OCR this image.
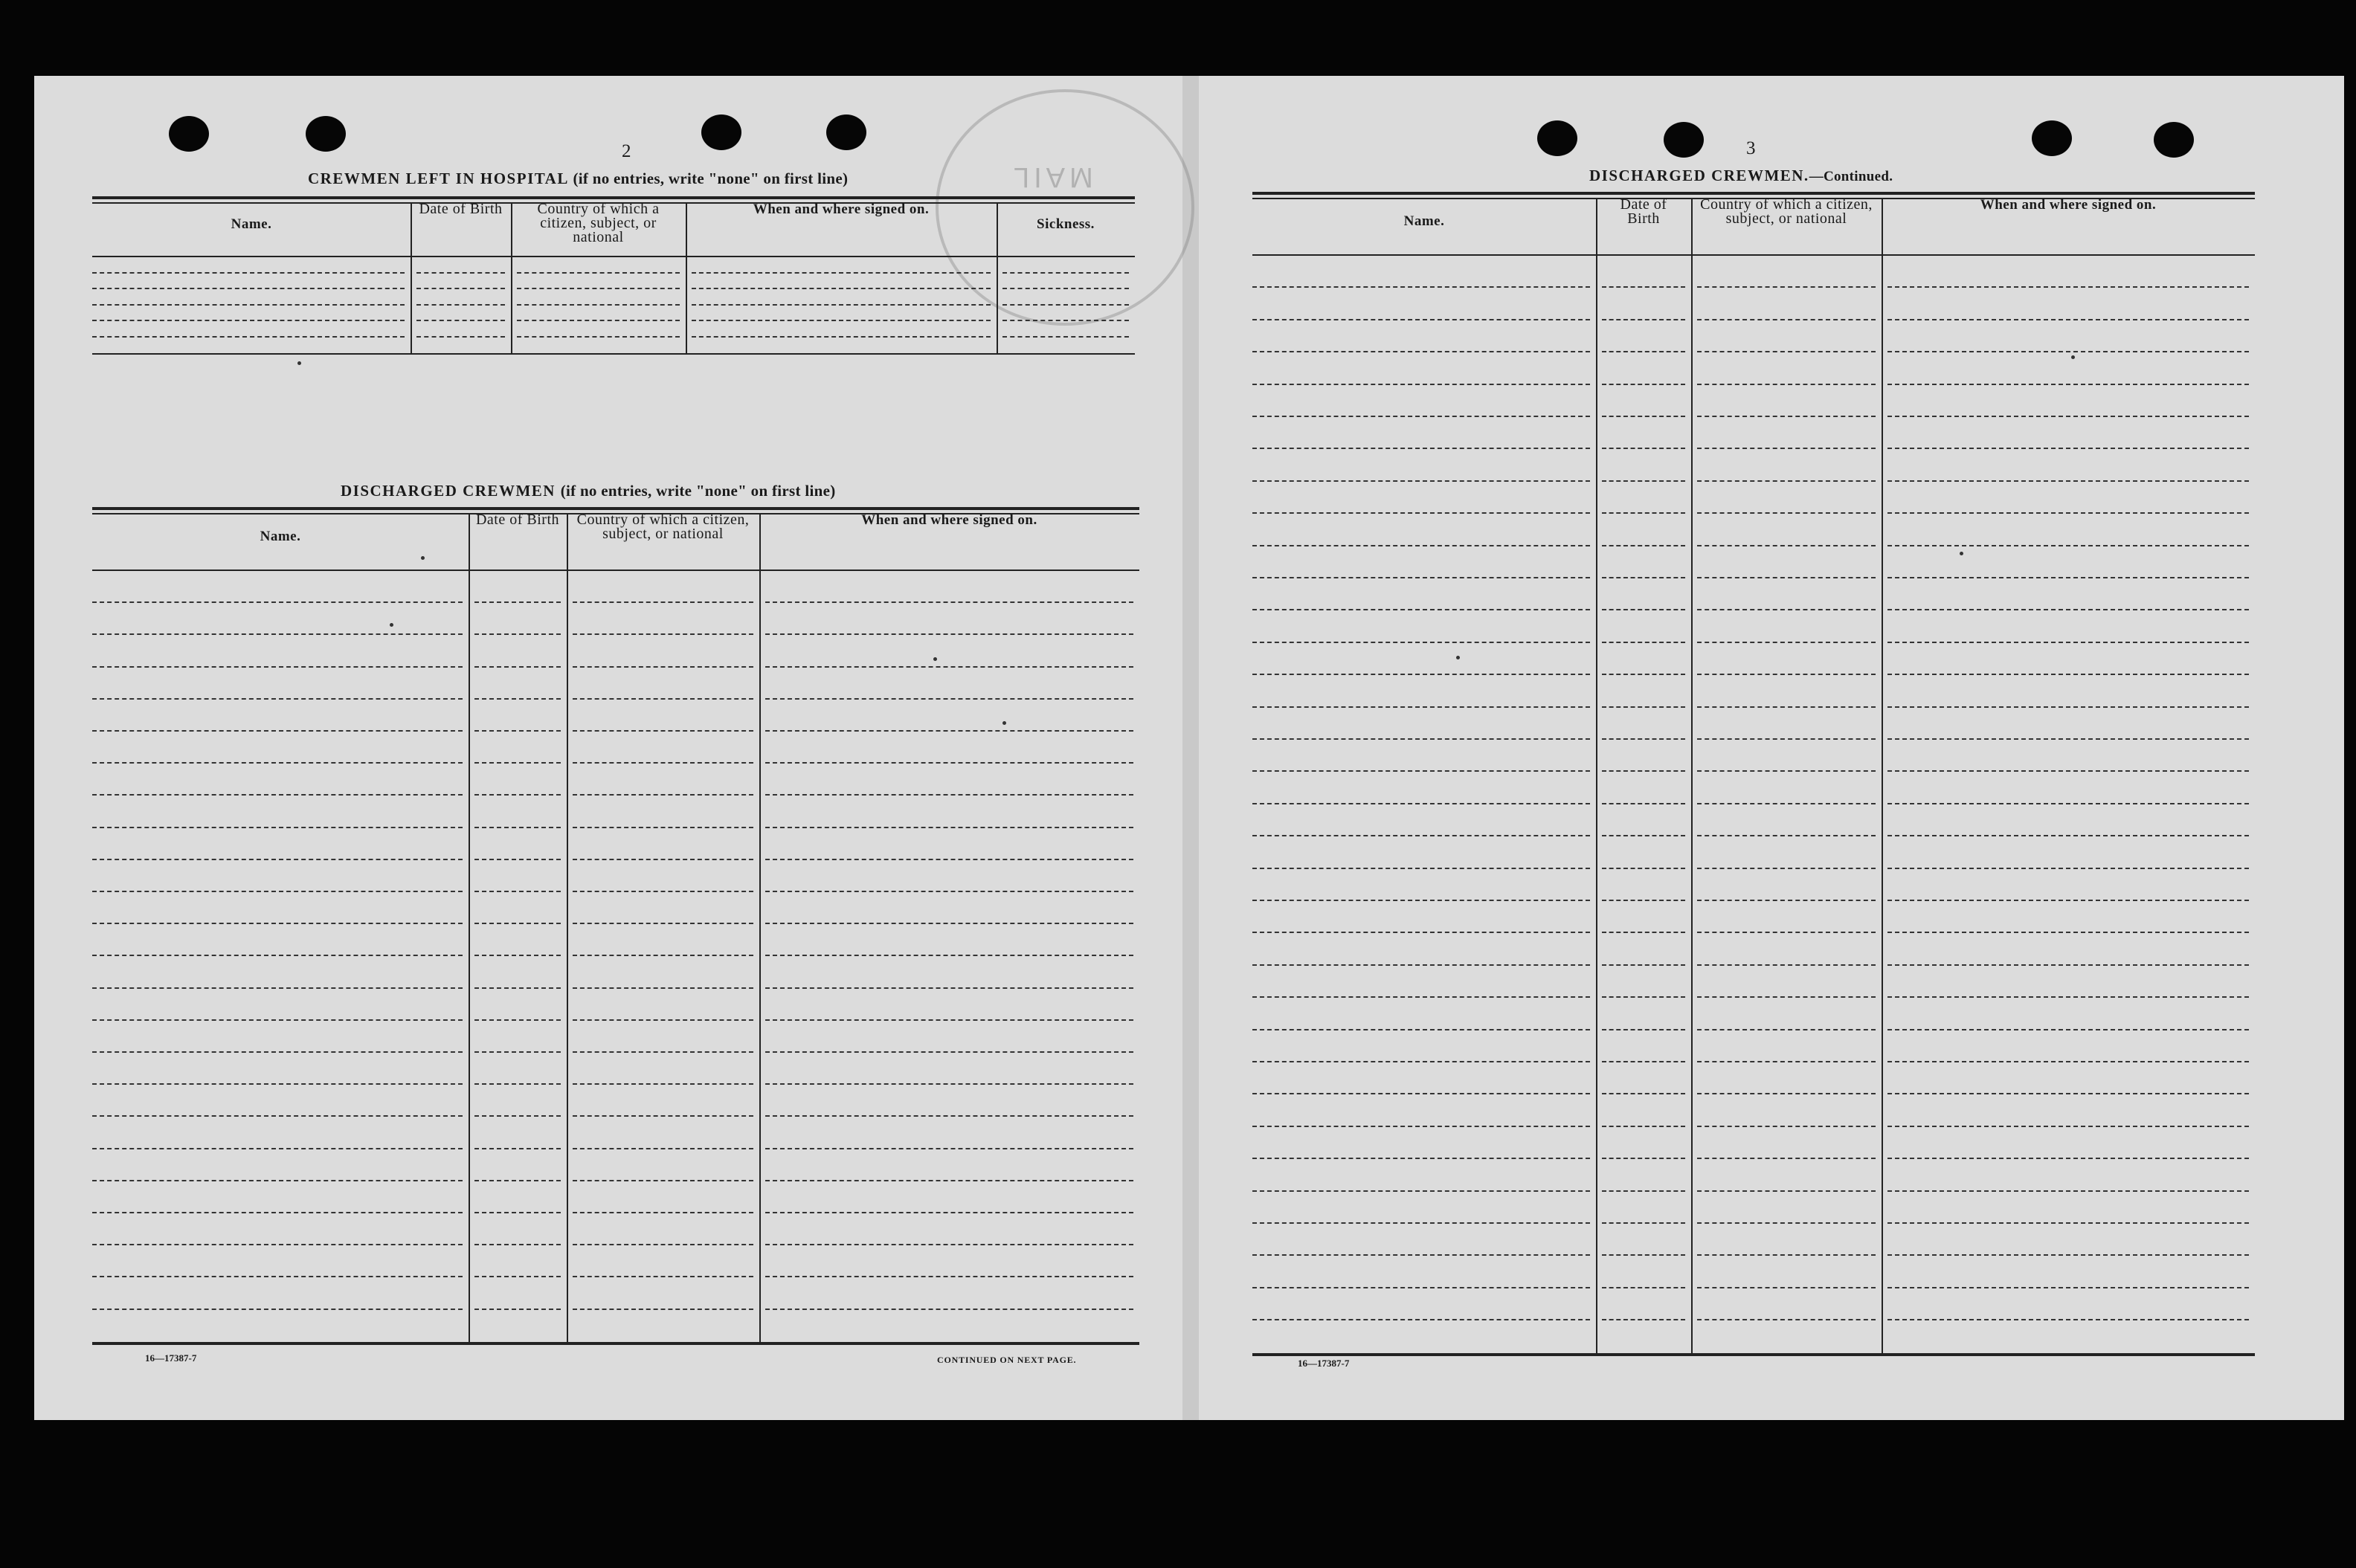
MAIL
2
CREWMEN LEFT IN HOSPITAL (if no entries, write "none" on first line)
Name.
Date of Birth	Country of which a citizen, subject, or national
When and where signed on.
Sickness.
DISCHARGED CREWMEN (if no entries, write "none" on first line)
Name.
Date of Birth Country of which a citizen, subject, or national
When and where signed on.
16—17387-7	CONTINUED ON NEXT PAGE.
3
DISCHARGED CREWMEN.—Continued.
Name.
Date of Birth
Country of which a citizen, subject, or national
When and where signed on.
16—17387-7
